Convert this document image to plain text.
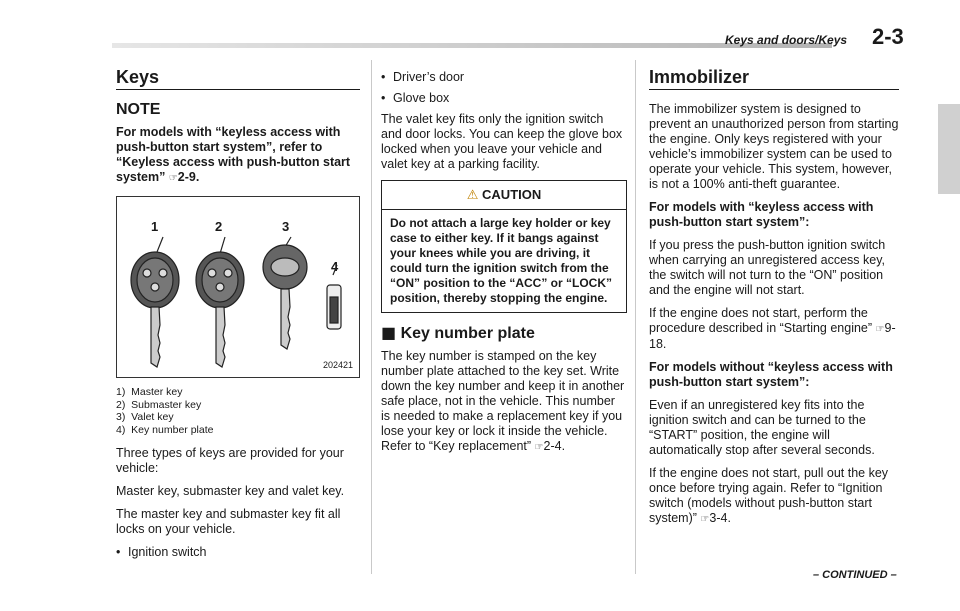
Keys and doors/Keys 2-3
Keys
NOTE

For models with “keyless access with push-button start system”, refer to “Keyless access with push-button start system” ☞2-9.

1	2	3
4
202421
1)  Master key
2)  Submaster key
3)  Valet key
4)  Key number plate

Three types of keys are provided for your vehicle:

Master key, submaster key and valet key.

The master key and submaster key fit all locks on your vehicle.

• Ignition switch
• Driver’s door
• Glove box

The valet key fits only the ignition switch and door locks. You can keep the glove box locked when you leave your vehicle and valet key at a parking facility.

⚠ CAUTION
Do not attach a large key holder or key case to either key. If it bangs against your knees while you are driving, it could turn the ignition switch from the “ON” position to the “ACC” or “LOCK” position, thereby stopping the engine.
■ Key number plate

The key number is stamped on the key number plate attached to the key set. Write down the key number and keep it in another safe place, not in the vehicle. This number is needed to make a replacement key if you lose your key or lock it inside the vehicle. Refer to “Key replacement” ☞2-4.

Immobilizer

The immobilizer system is designed to prevent an unauthorized person from starting the engine. Only keys registered with your vehicle’s immobilizer system can be used to operate your vehicle. This system, however, is not a 100% anti-theft guarantee.

For models with “keyless access with push-button start system”:

If you press the push-button ignition switch when carrying an unregistered access key, the switch will not turn to the “ON” position and the engine will not start.

If the engine does not start, perform the procedure described in “Starting engine” ☞9-18.

For models without “keyless access with push-button start system”:

Even if an unregistered key fits into the ignition switch and can be turned to the “START” position, the engine will automatically stop after several seconds.

If the engine does not start, pull out the key once before trying again. Refer to “Ignition switch (models without push-button start system)” ☞3-4.

– CONTINUED –
